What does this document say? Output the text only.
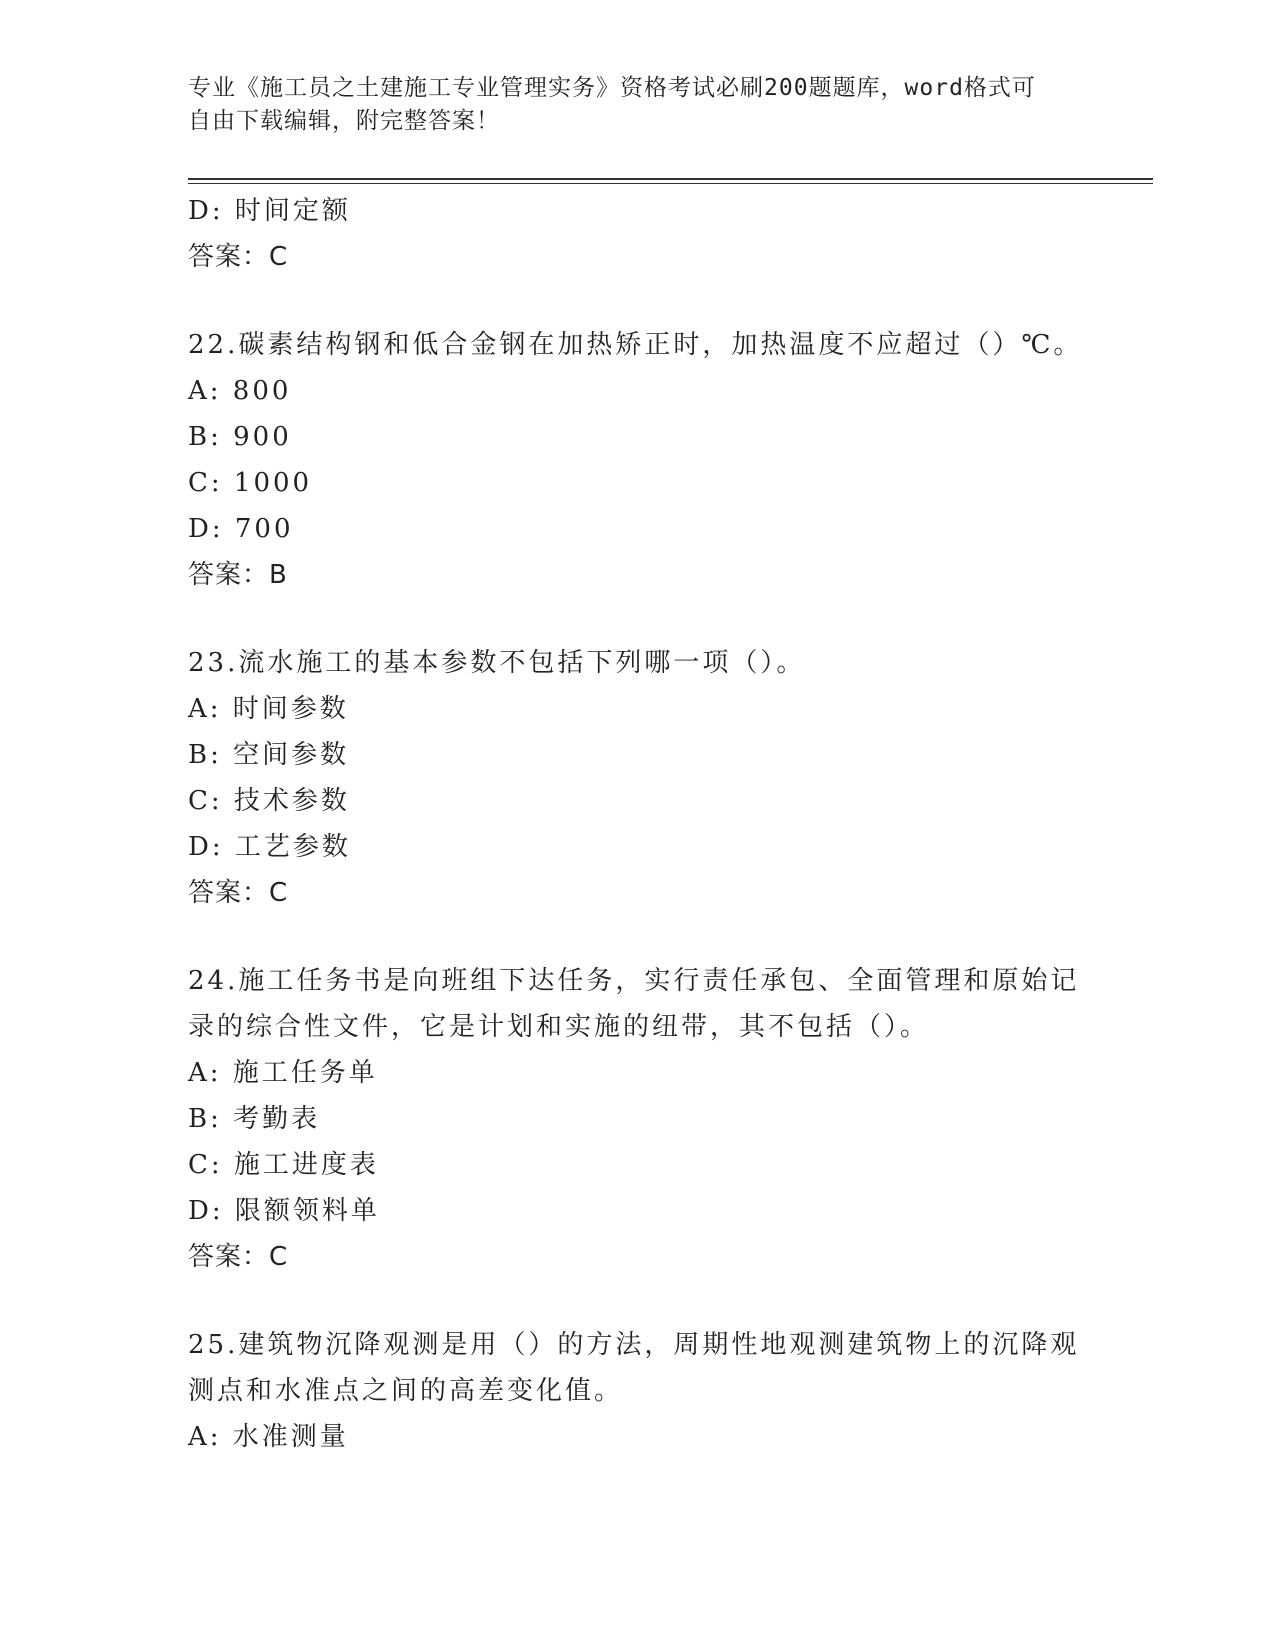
专业《施工员之土建施工专业管理实务》资格考试必刷200题题库，word格式可
自由下载编辑，附完整答案！
D: 时间定额
答案：C
22.碳素结构钢和低合金钢在加热矫正时，加热温度不应超过（）℃。
A: 800
B: 900
C: 1000
D: 700
答案：B
23.流水施工的基本参数不包括下列哪一项（）。
A: 时间参数
B: 空间参数
C: 技术参数
D: 工艺参数
答案：C
24.施工任务书是向班组下达任务，实行责任承包、全面管理和原始记录的综合性文件，它是计划和实施的纽带，其不包括（）。
A: 施工任务单
B: 考勤表
C: 施工进度表
D: 限额领料单
答案：C
25.建筑物沉降观测是用（）的方法，周期性地观测建筑物上的沉降观测点和水准点之间的高差变化值。
A: 水准测量
